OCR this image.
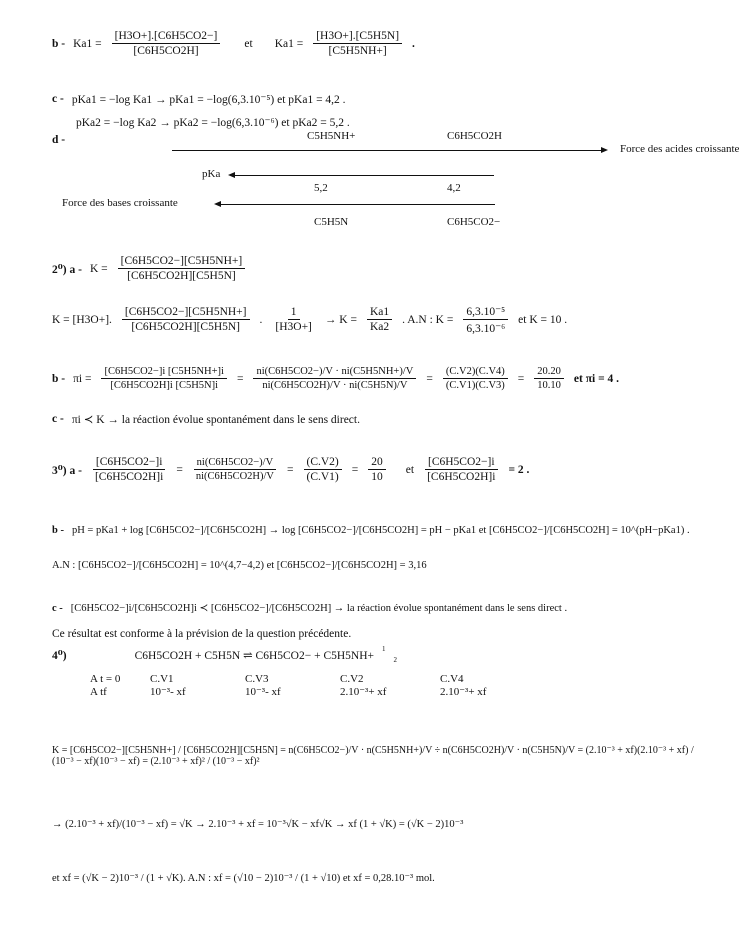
$b - Ka1 = \frac{[H3O+].[C6H5CO2-]}{[C6H5CO2H]}$ et $Ka1 = \frac{[H3O+].[C5H5N]}{[C5H5NH+]}$ .
c - pKa1 = −log Ka1 → pKa1 = −log(6,3.10⁻⁵) et pKa1 = 4,2 .
pKa2 = −log Ka2 → pKa2 = −log(6,3.10⁻⁶) et pKa2 = 5,2 .
d -	C5H5NH+	C6H5CO2H
Force des acides croissante
pKa
5,2	4,2
Force des bases croissante
C5H5N	C6H5CO2−
2⁰) $a - K = \frac{[C6H5CO2-][C5H5NH+]}{[C6H5CO2H][C5H5N]}$
K = [H3O+]. $\frac{[C6H5CO2-][C5H5NH+]}{[C6H5CO2H][C5H5N]}$ . $\frac{1}{[H3O+]} \to K = \frac{Ka1}{Ka2}$ . A.N : $K = \frac{\text{6,3.10⁻⁵}}{\text{6,3.10⁻⁶}}$ et K = 10 .
$b - \pi i = \frac{[C6H5CO2-]i [C5H5NH+]i}{[C6H5CO2H]i [C5H5N]i} = \frac{ni(C6H5CO2-)/V \cdot ni(C5H5NH+)/V}{ni(C6H5CO2H)/V \cdot ni(C5H5N)/V} = \frac{(C.V2)(C.V4)}{(C.V1)(C.V3)} = \frac{20.20}{10.10}$ et πi = 4 .
c - πi ≺ K → la réaction évolue spontanément dans le sens direct.
3⁰) $a - \frac{[C6H5CO2-]i}{[C6H5CO2H]i} = \frac{ni(C6H5CO2-)/V}{ni(C6H5CO2H)/V} = \frac{(C.V2)}{(C.V1)} = \frac{20}{10}$ et $\frac{[C6H5CO2-]i}{[C6H5CO2H]i} = 2$ .
b - pH = pKa1 + log [C6H5CO2−]/[C6H5CO2H] → log [C6H5CO2−]/[C6H5CO2H] = pH − pKa1 et [C6H5CO2−]/[C6H5CO2H] = 10^(pH−pKa1) .
A.N : [C6H5CO2−]/[C6H5CO2H] = 10^(4,7−4,2) et [C6H5CO2−]/[C6H5CO2H] = 3,16
c - [C6H5CO2−]i/[C6H5CO2H]i ≺ [C6H5CO2−]/[C6H5CO2H] → la réaction évolue spontanément dans le sens direct .
Ce résultat est conforme à la prévision de la question précédente.
4⁰)	C6H5CO2H + C5H5N ⇌ C6H5CO2− + C5H5NH+
1
2
A t = 0	C.V1	C.V3	C.V2	C.V4
A tf	10⁻³- xf	10⁻³- xf	2.10⁻³+ xf	2.10⁻³+ xf
K = [C6H5CO2−][C5H5NH+] / [C6H5CO2H][C5H5N] = n(C6H5CO2−)/V · n(C5H5NH+)/V ÷ n(C6H5CO2H)/V · n(C5H5N)/V = (2.10⁻³ + xf)(2.10⁻³ + xf) / (10⁻³ − xf)(10⁻³ − xf) = (2.10⁻³ + xf)² / (10⁻³ − xf)²
→ (2.10⁻³ + xf)/(10⁻³ − xf) = √K → 2.10⁻³ + xf = 10⁻³√K − xf√K → xf (1 + √K) = (√K − 2)10⁻³
et xf = (√K − 2)10⁻³ / (1 + √K). A.N : xf = (√10 − 2)10⁻³ / (1 + √10) et xf = 0,28.10⁻³ mol.
